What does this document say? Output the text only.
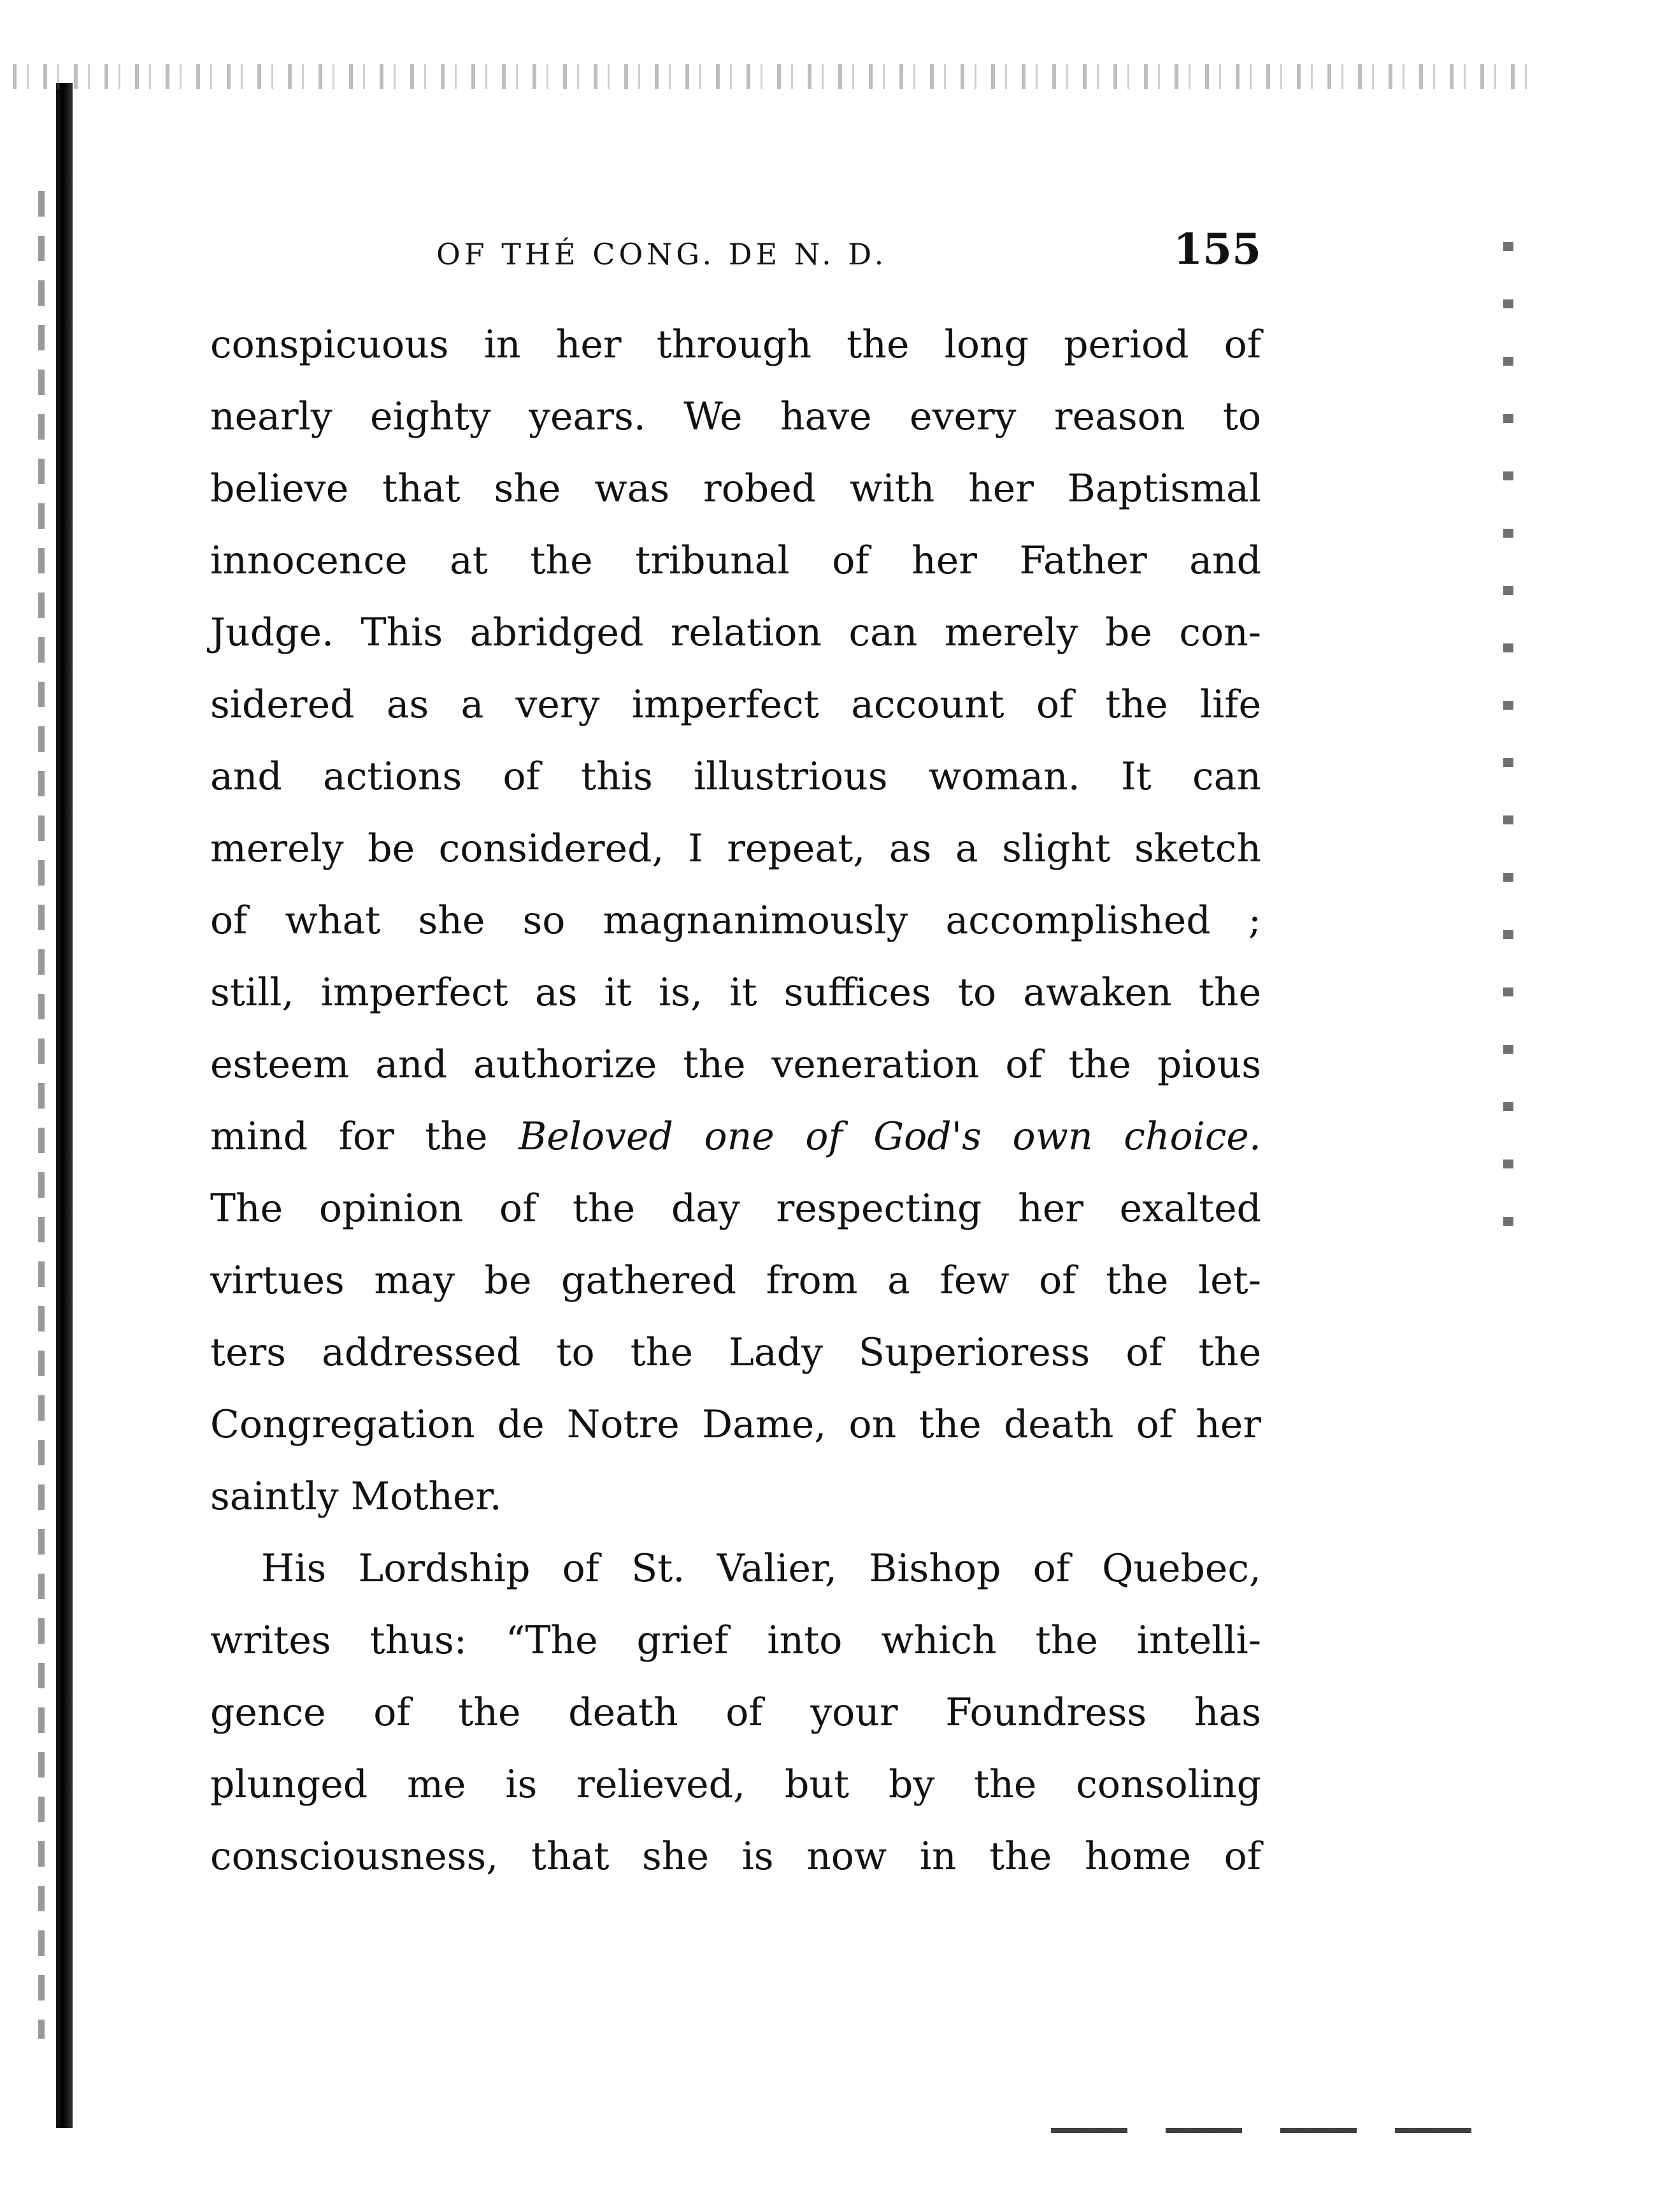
OF THÉ CONG. DE N. D.	155
conspicuous in her through the long period of
nearly eighty years. We have every reason to
believe that she was robed with her Baptismal
innocence at the tribunal of her Father and
Judge. This abridged relation can merely be con-
sidered as a very imperfect account of the life
and actions of this illustrious woman. It can
merely be considered, I repeat, as a slight sketch
of what she so magnanimously accomplished ;
still, imperfect as it is, it suffices to awaken the
esteem and authorize the veneration of the pious
mind for the Beloved one of God's own choice.
The opinion of the day respecting her exalted
virtues may be gathered from a few of the let-
ters addressed to the Lady Superioress of the
Congregation de Notre Dame, on the death of her
saintly Mother.
His Lordship of St. Valier, Bishop of Quebec,
writes thus: “The grief into which the intelli-
gence of the death of your Foundress has
plunged me is relieved, but by the consoling
consciousness, that she is now in the home of
